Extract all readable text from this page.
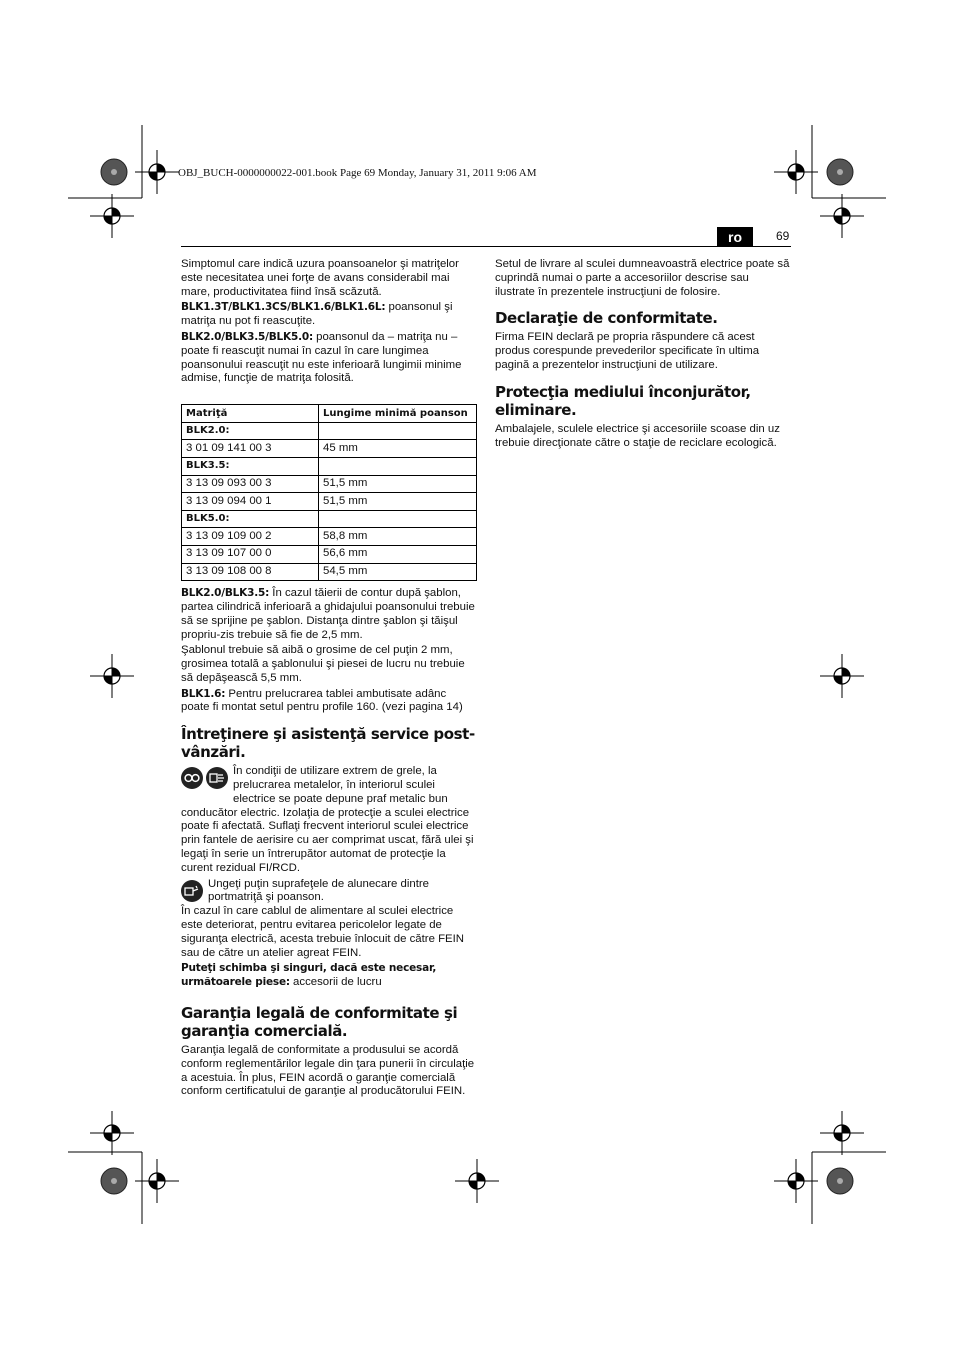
OBJ_BUCH-0000000022-001.book Page 69 Monday, January 31, 2011 9:06 AM
ro	69

Simptomul care indică uzura poansoanelor şi matriţelor este necesitatea unei forţe de avans considerabil mai mare, productivitatea fiind însă scăzută.

BLK1.3T/BLK1.3CS/BLK1.6/BLK1.6L: poansonul şi matriţa nu pot fi reascuţite.

BLK2.0/BLK3.5/BLK5.0: poansonul da – matriţa nu – poate fi reascuţit numai în cazul în care lungimea poansonului reascuţit nu este inferioară lungimii minime admise, funcţie de matriţa folosită.

Matriţă	Lungime minimă poanson
BLK2.0:	
3 01 09 141 00 3	45 mm
BLK3.5:	
3 13 09 093 00 3	51,5 mm
3 13 09 094 00 1	51,5 mm
BLK5.0:	
3 13 09 109 00 2	58,8 mm
3 13 09 107 00 0	56,6 mm
3 13 09 108 00 8	54,5 mm

BLK2.0/BLK3.5: În cazul tăierii de contur după şablon, partea cilindrică inferioară a ghidajului poansonului trebuie să se sprijine pe şablon. Distanţa dintre şablon şi tăişul propriu-zis trebuie să fie de 2,5 mm.

Şablonul trebuie să aibă o grosime de cel puţin 2 mm, grosimea totală a şablonului şi piesei de lucru nu trebuie să depăşească 5,5 mm.

BLK1.6: Pentru prelucrarea tablei ambutisate adânc poate fi montat setul pentru profile 160. (vezi pagina 14)

Întreţinere şi asistenţă service post-vânzări.
În condiţii de utilizare extrem de grele, la prelucrarea metalelor, în interiorul sculei electrice se poate depune praf metalic bun

conducător electric. Izolaţia de protecţie a sculei electrice poate fi afectată. Suflaţi frecvent interiorul sculei electrice prin fantele de aerisire cu aer comprimat uscat, fără ulei şi legaţi în serie un întrerupător automat de protecţie la curent rezidual FI/RCD.

Ungeţi puţin suprafeţele de alunecare dintre portmatriţă şi poanson.

În cazul în care cablul de alimentare al sculei electrice este deteriorat, pentru evitarea pericolelor legate de siguranţa electrică, acesta trebuie înlocuit de către FEIN sau de către un atelier agreat FEIN.

Puteţi schimba şi singuri, dacă este necesar, următoarele piese: accesorii de lucru

Garanţia legală de conformitate şi garanţia comercială.

Garanţia legală de conformitate a produsului se acordă conform reglementărilor legale din ţara punerii în circulaţie a acestuia. În plus, FEIN acordă o garanţie comercială conform certificatului de garanţie al producătorului FEIN.

Setul de livrare al sculei dumneavoastră electrice poate să cuprindă numai o parte a accesoriilor descrise sau ilustrate în prezentele instrucţiuni de folosire.

Declaraţie de conformitate.

Firma FEIN declară pe propria răspundere că acest produs corespunde prevederilor specificate în ultima pagină a prezentelor instrucţiuni de utilizare.

Protecţia mediului înconjurător, eliminare.

Ambalajele, sculele electrice şi accesoriile scoase din uz trebuie direcţionate către o staţie de reciclare ecologică.
